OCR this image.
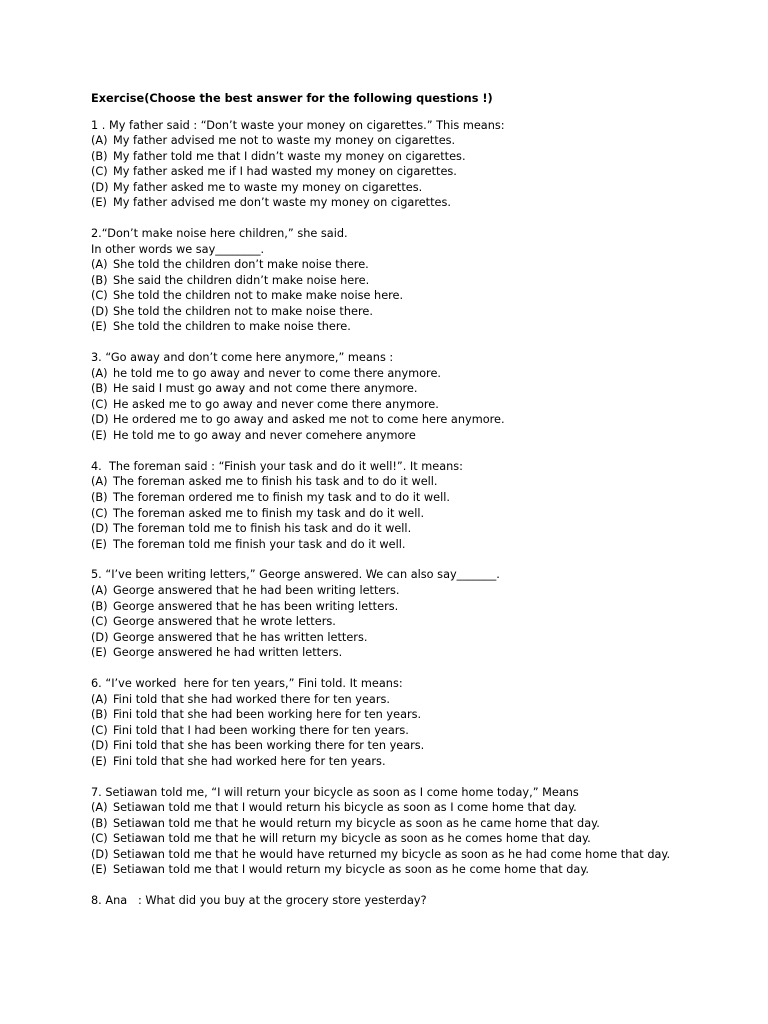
Exercise(Choose the best answer for the following questions !)
1 . My father said : “Don’t waste your money on cigarettes.” This means:
(A) My father advised me not to waste my money on cigarettes.
(B) My father told me that I didn’t waste my money on cigarettes.
(C) My father asked me if I had wasted my money on cigarettes.
(D) My father asked me to waste my money on cigarettes.
(E) My father advised me don’t waste my money on cigarettes.
2.“Don’t make noise here children,” she said.
In other words we say________.
(A) She told the children don’t make noise there.
(B) She said the children didn’t make noise here.
(C) She told the children not to make make noise here.
(D) She told the children not to make noise there.
(E) She told the children to make noise there.
3. “Go away and don’t come here anymore,” means :
(A) he told me to go away and never to come there anymore.
(B) He said I must go away and not come there anymore.
(C) He asked me to go away and never come there anymore.
(D) He ordered me to go away and asked me not to come here anymore.
(E) He told me to go away and never comehere anymore
4.  The foreman said : “Finish your task and do it well!”. It means:
(A) The foreman asked me to finish his task and to do it well.
(B) The foreman ordered me to finish my task and to do it well.
(C) The foreman asked me to finish my task and do it well.
(D) The foreman told me to finish his task and do it well.
(E) The foreman told me finish your task and do it well.
5. “I’ve been writing letters,” George answered. We can also say_______.
(A) George answered that he had been writing letters.
(B) George answered that he has been writing letters.
(C) George answered that he wrote letters.
(D) George answered that he has written letters.
(E) George answered he had written letters.
6. “I’ve worked  here for ten years,” Fini told. It means:
(A) Fini told that she had worked there for ten years.
(B) Fini told that she had been working here for ten years.
(C) Fini told that I had been working there for ten years.
(D) Fini told that she has been working there for ten years.
(E) Fini told that she had worked here for ten years.
7. Setiawan told me, “I will return your bicycle as soon as I come home today,” Means
(A) Setiawan told me that I would return his bicycle as soon as I come home that day.
(B) Setiawan told me that he would return my bicycle as soon as he came home that day.
(C) Setiawan told me that he will return my bicycle as soon as he comes home that day.
(D) Setiawan told me that he would have returned my bicycle as soon as he had come home that day.
(E) Setiawan told me that I would return my bicycle as soon as he come home that day.
8. Ana   : What did you buy at the grocery store yesterday?
